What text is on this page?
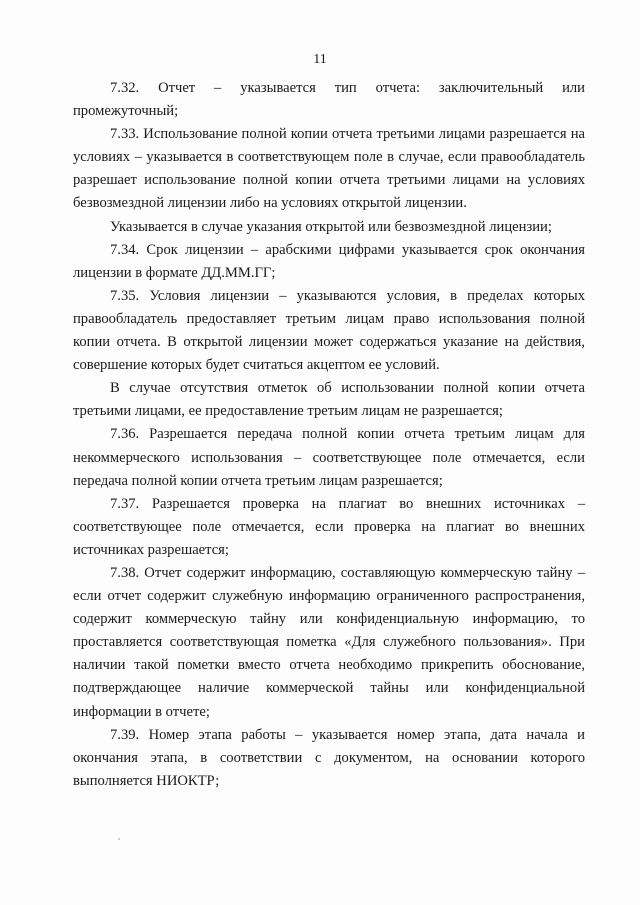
11

7.32. Отчет – указывается тип отчета: заключительный или промежуточный;

7.33. Использование полной копии отчета третьими лицами разрешается на условиях – указывается в соответствующем поле в случае, если правообладатель разрешает использование полной копии отчета третьими лицами на условиях безвозмездной лицензии либо на условиях открытой лицензии.

Указывается в случае указания открытой или безвозмездной лицензии;

7.34. Срок лицензии – арабскими цифрами указывается срок окончания лицензии в формате ДД.ММ.ГГ;

7.35. Условия лицензии – указываются условия, в пределах которых правообладатель предоставляет третьим лицам право использования полной копии отчета. В открытой лицензии может содержаться указание на действия, совершение которых будет считаться акцептом ее условий.

В случае отсутствия отметок об использовании полной копии отчета третьими лицами, ее предоставление третьим лицам не разрешается;

7.36. Разрешается передача полной копии отчета третьим лицам для некоммерческого использования – соответствующее поле отмечается, если передача полной копии отчета третьим лицам разрешается;

7.37. Разрешается проверка на плагиат во внешних источниках – соответствующее поле отмечается, если проверка на плагиат во внешних источниках разрешается;

7.38. Отчет содержит информацию, составляющую коммерческую тайну – если отчет содержит служебную информацию ограниченного распространения, содержит коммерческую тайну или конфиденциальную информацию, то проставляется соответствующая пометка «Для служебного пользования». При наличии такой пометки вместо отчета необходимо прикрепить обоснование, подтверждающее наличие коммерческой тайны или конфиденциальной информации в отчете;

7.39. Номер этапа работы – указывается номер этапа, дата начала и окончания этапа, в соответствии с документом, на основании которого выполняется НИОКТР;
